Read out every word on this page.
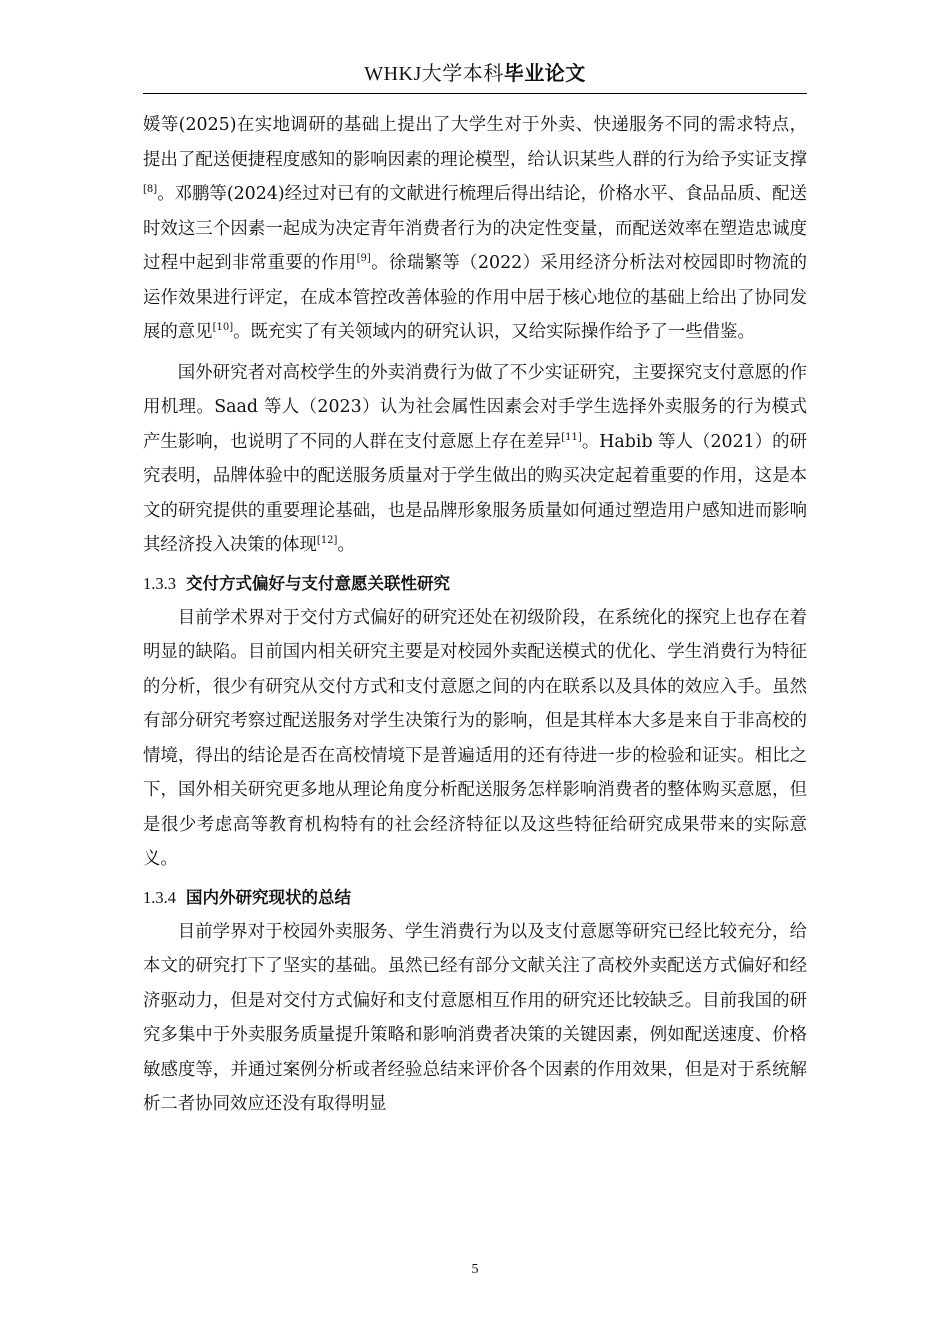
WHKJ大学本科毕业论文

媛等(2025)在实地调研的基础上提出了大学生对于外卖、快递服务不同的需求特点，提出了配送便捷程度感知的影响因素的理论模型，给认识某些人群的行为给予实证支撑[8]。邓鹏等(2024)经过对已有的文献进行梳理后得出结论，价格水平、食品品质、配送时效这三个因素一起成为决定青年消费者行为的决定性变量，而配送效率在塑造忠诚度过程中起到非常重要的作用[9]。徐瑞繁等（2022）采用经济分析法对校园即时物流的运作效果进行评定，在成本管控改善体验的作用中居于核心地位的基础上给出了协同发展的意见[10]。既充实了有关领域内的研究认识，又给实际操作给予了一些借鉴。

国外研究者对高校学生的外卖消费行为做了不少实证研究，主要探究支付意愿的作用机理。Saad 等人（2023）认为社会属性因素会对手学生选择外卖服务的行为模式产生影响，也说明了不同的人群在支付意愿上存在差异[11]。Habib 等人（2021）的研究表明，品牌体验中的配送服务质量对于学生做出的购买决定起着重要的作用，这是本文的研究提供的重要理论基础，也是品牌形象服务质量如何通过塑造用户感知进而影响其经济投入决策的体现[12]。

1.3.3 交付方式偏好与支付意愿关联性研究

目前学术界对于交付方式偏好的研究还处在初级阶段，在系统化的探究上也存在着明显的缺陷。目前国内相关研究主要是对校园外卖配送模式的优化、学生消费行为特征的分析，很少有研究从交付方式和支付意愿之间的内在联系以及具体的效应入手。虽然有部分研究考察过配送服务对学生决策行为的影响，但是其样本大多是来自于非高校的情境，得出的结论是否在高校情境下是普遍适用的还有待进一步的检验和证实。相比之下，国外相关研究更多地从理论角度分析配送服务怎样影响消费者的整体购买意愿，但是很少考虑高等教育机构特有的社会经济特征以及这些特征给研究成果带来的实际意义。

1.3.4 国内外研究现状的总结

目前学界对于校园外卖服务、学生消费行为以及支付意愿等研究已经比较充分，给本文的研究打下了坚实的基础。虽然已经有部分文献关注了高校外卖配送方式偏好和经济驱动力，但是对交付方式偏好和支付意愿相互作用的研究还比较缺乏。目前我国的研究多集中于外卖服务质量提升策略和影响消费者决策的关键因素，例如配送速度、价格敏感度等，并通过案例分析或者经验总结来评价各个因素的作用效果，但是对于系统解析二者协同效应还没有取得明显

5
